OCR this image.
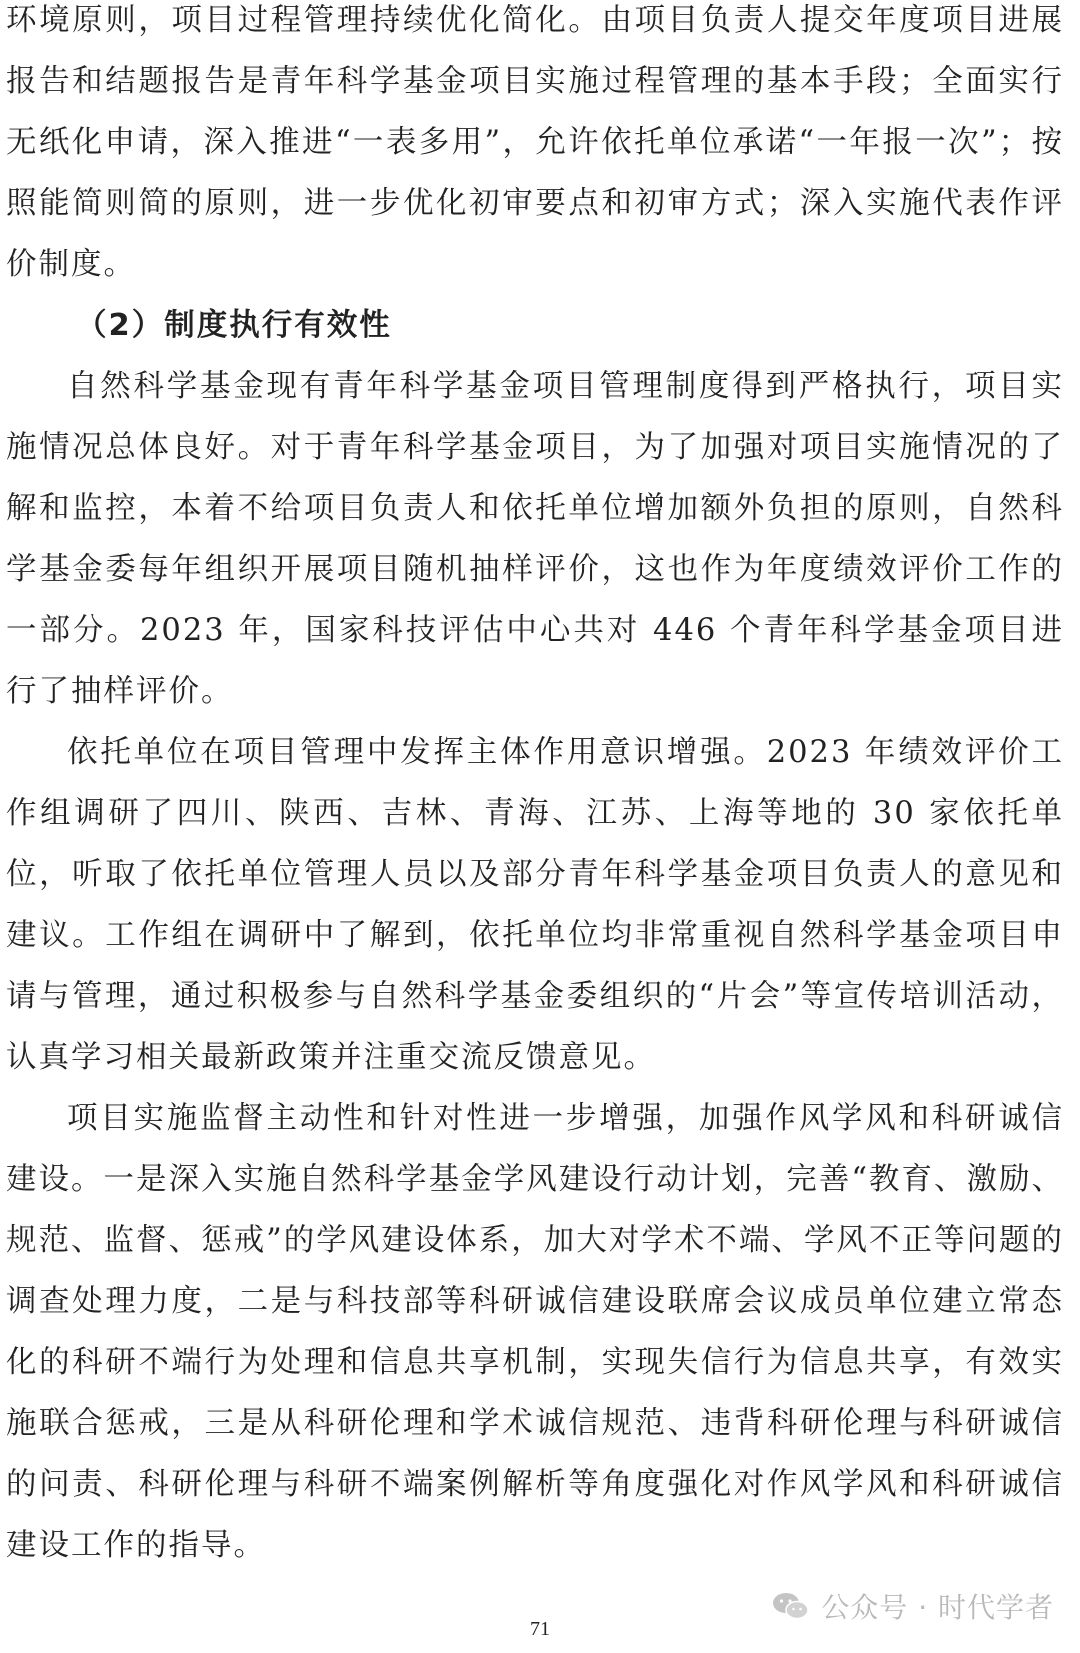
环境原则，项目过程管理持续优化简化。由项目负责人提交年度项目进展报告和结题报告是青年科学基金项目实施过程管理的基本手段；全面实行无纸化申请，深入推进“一表多用”，允许依托单位承诺“一年报一次”；按照能简则简的原则，进一步优化初审要点和初审方式；深入实施代表作评价制度。

（2）制度执行有效性

自然科学基金现有青年科学基金项目管理制度得到严格执行，项目实施情况总体良好。对于青年科学基金项目，为了加强对项目实施情况的了解和监控，本着不给项目负责人和依托单位增加额外负担的原则，自然科学基金委每年组织开展项目随机抽样评价，这也作为年度绩效评价工作的一部分。2023 年，国家科技评估中心共对 446 个青年科学基金项目进行了抽样评价。

依托单位在项目管理中发挥主体作用意识增强。2023 年绩效评价工作组调研了四川、陕西、吉林、青海、江苏、上海等地的 30 家依托单位，听取了依托单位管理人员以及部分青年科学基金项目负责人的意见和建议。工作组在调研中了解到，依托单位均非常重视自然科学基金项目申请与管理，通过积极参与自然科学基金委组织的“片会”等宣传培训活动，认真学习相关最新政策并注重交流反馈意见。

项目实施监督主动性和针对性进一步增强，加强作风学风和科研诚信建设。一是深入实施自然科学基金学风建设行动计划，完善“教育、激励、规范、监督、惩戒”的学风建设体系，加大对学术不端、学风不正等问题的调查处理力度，二是与科技部等科研诚信建设联席会议成员单位建立常态化的科研不端行为处理和信息共享机制，实现失信行为信息共享，有效实施联合惩戒，三是从科研伦理和学术诚信规范、违背科研伦理与科研诚信的问责、科研伦理与科研不端案例解析等角度强化对作风学风和科研诚信建设工作的指导。

公众号 · 时代学者
71
